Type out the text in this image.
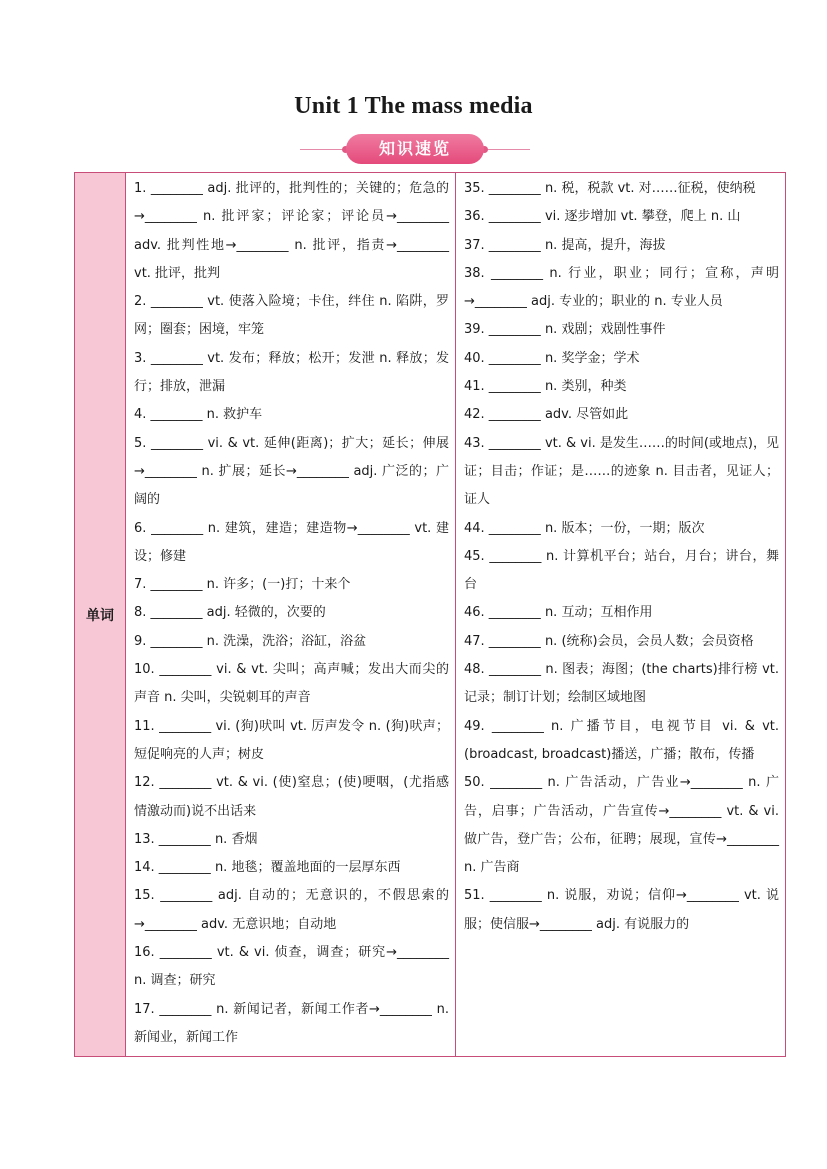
Unit 1 The mass media
知识速览
单词	

1. ________ adj. 批评的，批判性的；关键的；危急的→________ n. 批评家；评论家；评论员→________ adv. 批判性地→________ n. 批评，指责→________ vt. 批评，批判

2. ________ vt. 使落入险境；卡住，绊住 n. 陷阱，罗网；圈套；困境，牢笼

3. ________ vt. 发布；释放；松开；发泄 n. 释放；发行；排放，泄漏

4. ________ n. 救护车

5. ________ vi. & vt. 延伸(距离)；扩大；延长；伸展→________ n. 扩展；延长→________ adj. 广泛的；广阔的

6. ________ n. 建筑，建造；建造物→________ vt. 建设；修建

7. ________ n. 许多；(一)打；十来个

8. ________ adj. 轻微的，次要的

9. ________ n. 洗澡，洗浴；浴缸，浴盆

10. ________ vi. & vt. 尖叫；高声喊；发出大而尖的声音 n. 尖叫，尖锐刺耳的声音

11. ________ vi. (狗)吠叫 vt. 厉声发令 n. (狗)吠声；短促响亮的人声；树皮

12. ________ vt. & vi. (使)窒息；(使)哽咽，(尤指感情激动而)说不出话来

13. ________ n. 香烟

14. ________ n. 地毯；覆盖地面的一层厚东西

15. ________ adj. 自动的；无意识的，不假思索的→________ adv. 无意识地；自动地

16. ________ vt. & vi. 侦查，调查；研究→________ n. 调查；研究

17. ________ n. 新闻记者，新闻工作者→________ n. 新闻业，新闻工作

35. ________ n. 税，税款 vt. 对……征税，使纳税

36. ________ vi. 逐步增加 vt. 攀登，爬上 n. 山

37. ________ n. 提高，提升，海拔

38. ________ n. 行业，职业；同行；宣称，声明→________ adj. 专业的；职业的 n. 专业人员

39. ________ n. 戏剧；戏剧性事件

40. ________ n. 奖学金；学术

41. ________ n. 类别，种类

42. ________ adv. 尽管如此

43. ________ vt. & vi. 是发生……的时间(或地点)，见证；目击；作证；是……的迹象 n. 目击者，见证人；证人

44. ________ n. 版本；一份，一期；版次

45. ________ n. 计算机平台；站台，月台；讲台，舞台

46. ________ n. 互动；互相作用

47. ________ n. (统称)会员，会员人数；会员资格

48. ________ n. 图表；海图；(the charts)排行榜 vt. 记录；制订计划；绘制区域地图

49. ________ n. 广播节目，电视节目 vi. & vt. (broadcast, broadcast)播送，广播；散布，传播

50. ________ n. 广告活动，广告业→________ n. 广告，启事；广告活动，广告宣传→________ vt. & vi. 做广告，登广告；公布，征聘；展现，宣传→________ n. 广告商

51. ________ n. 说服，劝说；信仰→________ vt. 说服；使信服→________ adj. 有说服力的
